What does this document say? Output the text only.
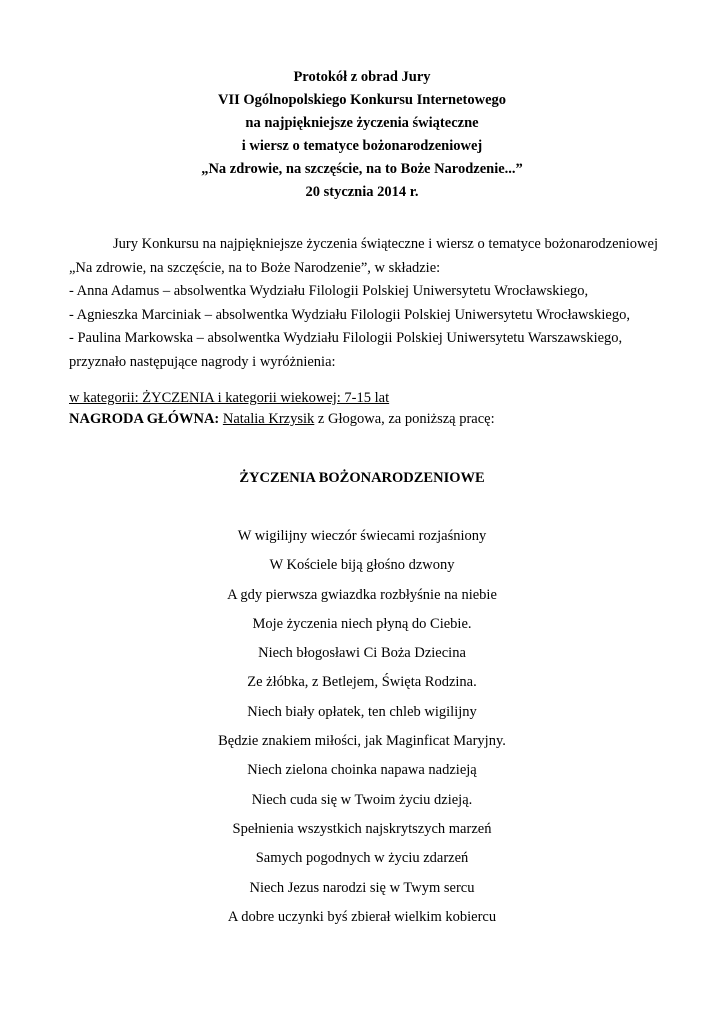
Protokół z obrad Jury
VII Ogólnopolskiego Konkursu Internetowego
na najpiękniejsze życzenia świąteczne
i wiersz o tematyce bożonarodzeniowej
„Na zdrowie, na szczęście, na to Boże Narodzenie...”
20 stycznia 2014 r.

Jury Konkursu na najpiękniejsze życzenia świąteczne i wiersz o tematyce bożonarodzeniowej „Na zdrowie, na szczęście, na to Boże Narodzenie”, w składzie:

- Anna Adamus – absolwentka Wydziału Filologii Polskiej Uniwersytetu Wrocławskiego,

- Agnieszka Marciniak – absolwentka Wydziału Filologii Polskiej Uniwersytetu Wrocławskiego,

- Paulina Markowska – absolwentka Wydziału Filologii Polskiej Uniwersytetu Warszawskiego,

przyznało następujące nagrody i wyróżnienia:

w kategorii: ŻYCZENIA i kategorii wiekowej: 7-15 lat
NAGRODA GŁÓWNA: Natalia Krzysik z Głogowa, za poniższą pracę:
ŻYCZENIA BOŻONARODZENIOWE
W wigilijny wieczór świecami rozjaśniony
W Kościele biją głośno dzwony
A gdy pierwsza gwiazdka rozbłyśnie na niebie
Moje życzenia niech płyną do Ciebie.
Niech błogosławi Ci Boża Dziecina
Ze żłóbka, z Betlejem, Święta Rodzina.
Niech biały opłatek, ten chleb wigilijny
Będzie znakiem miłości, jak Maginficat Maryjny.
Niech zielona choinka napawa nadzieją
Niech cuda się w Twoim życiu dzieją.
Spełnienia wszystkich najskrytszych marzeń
Samych pogodnych w życiu zdarzeń
Niech Jezus narodzi się w Twym sercu
A dobre uczynki byś zbierał wielkim kobiercu
